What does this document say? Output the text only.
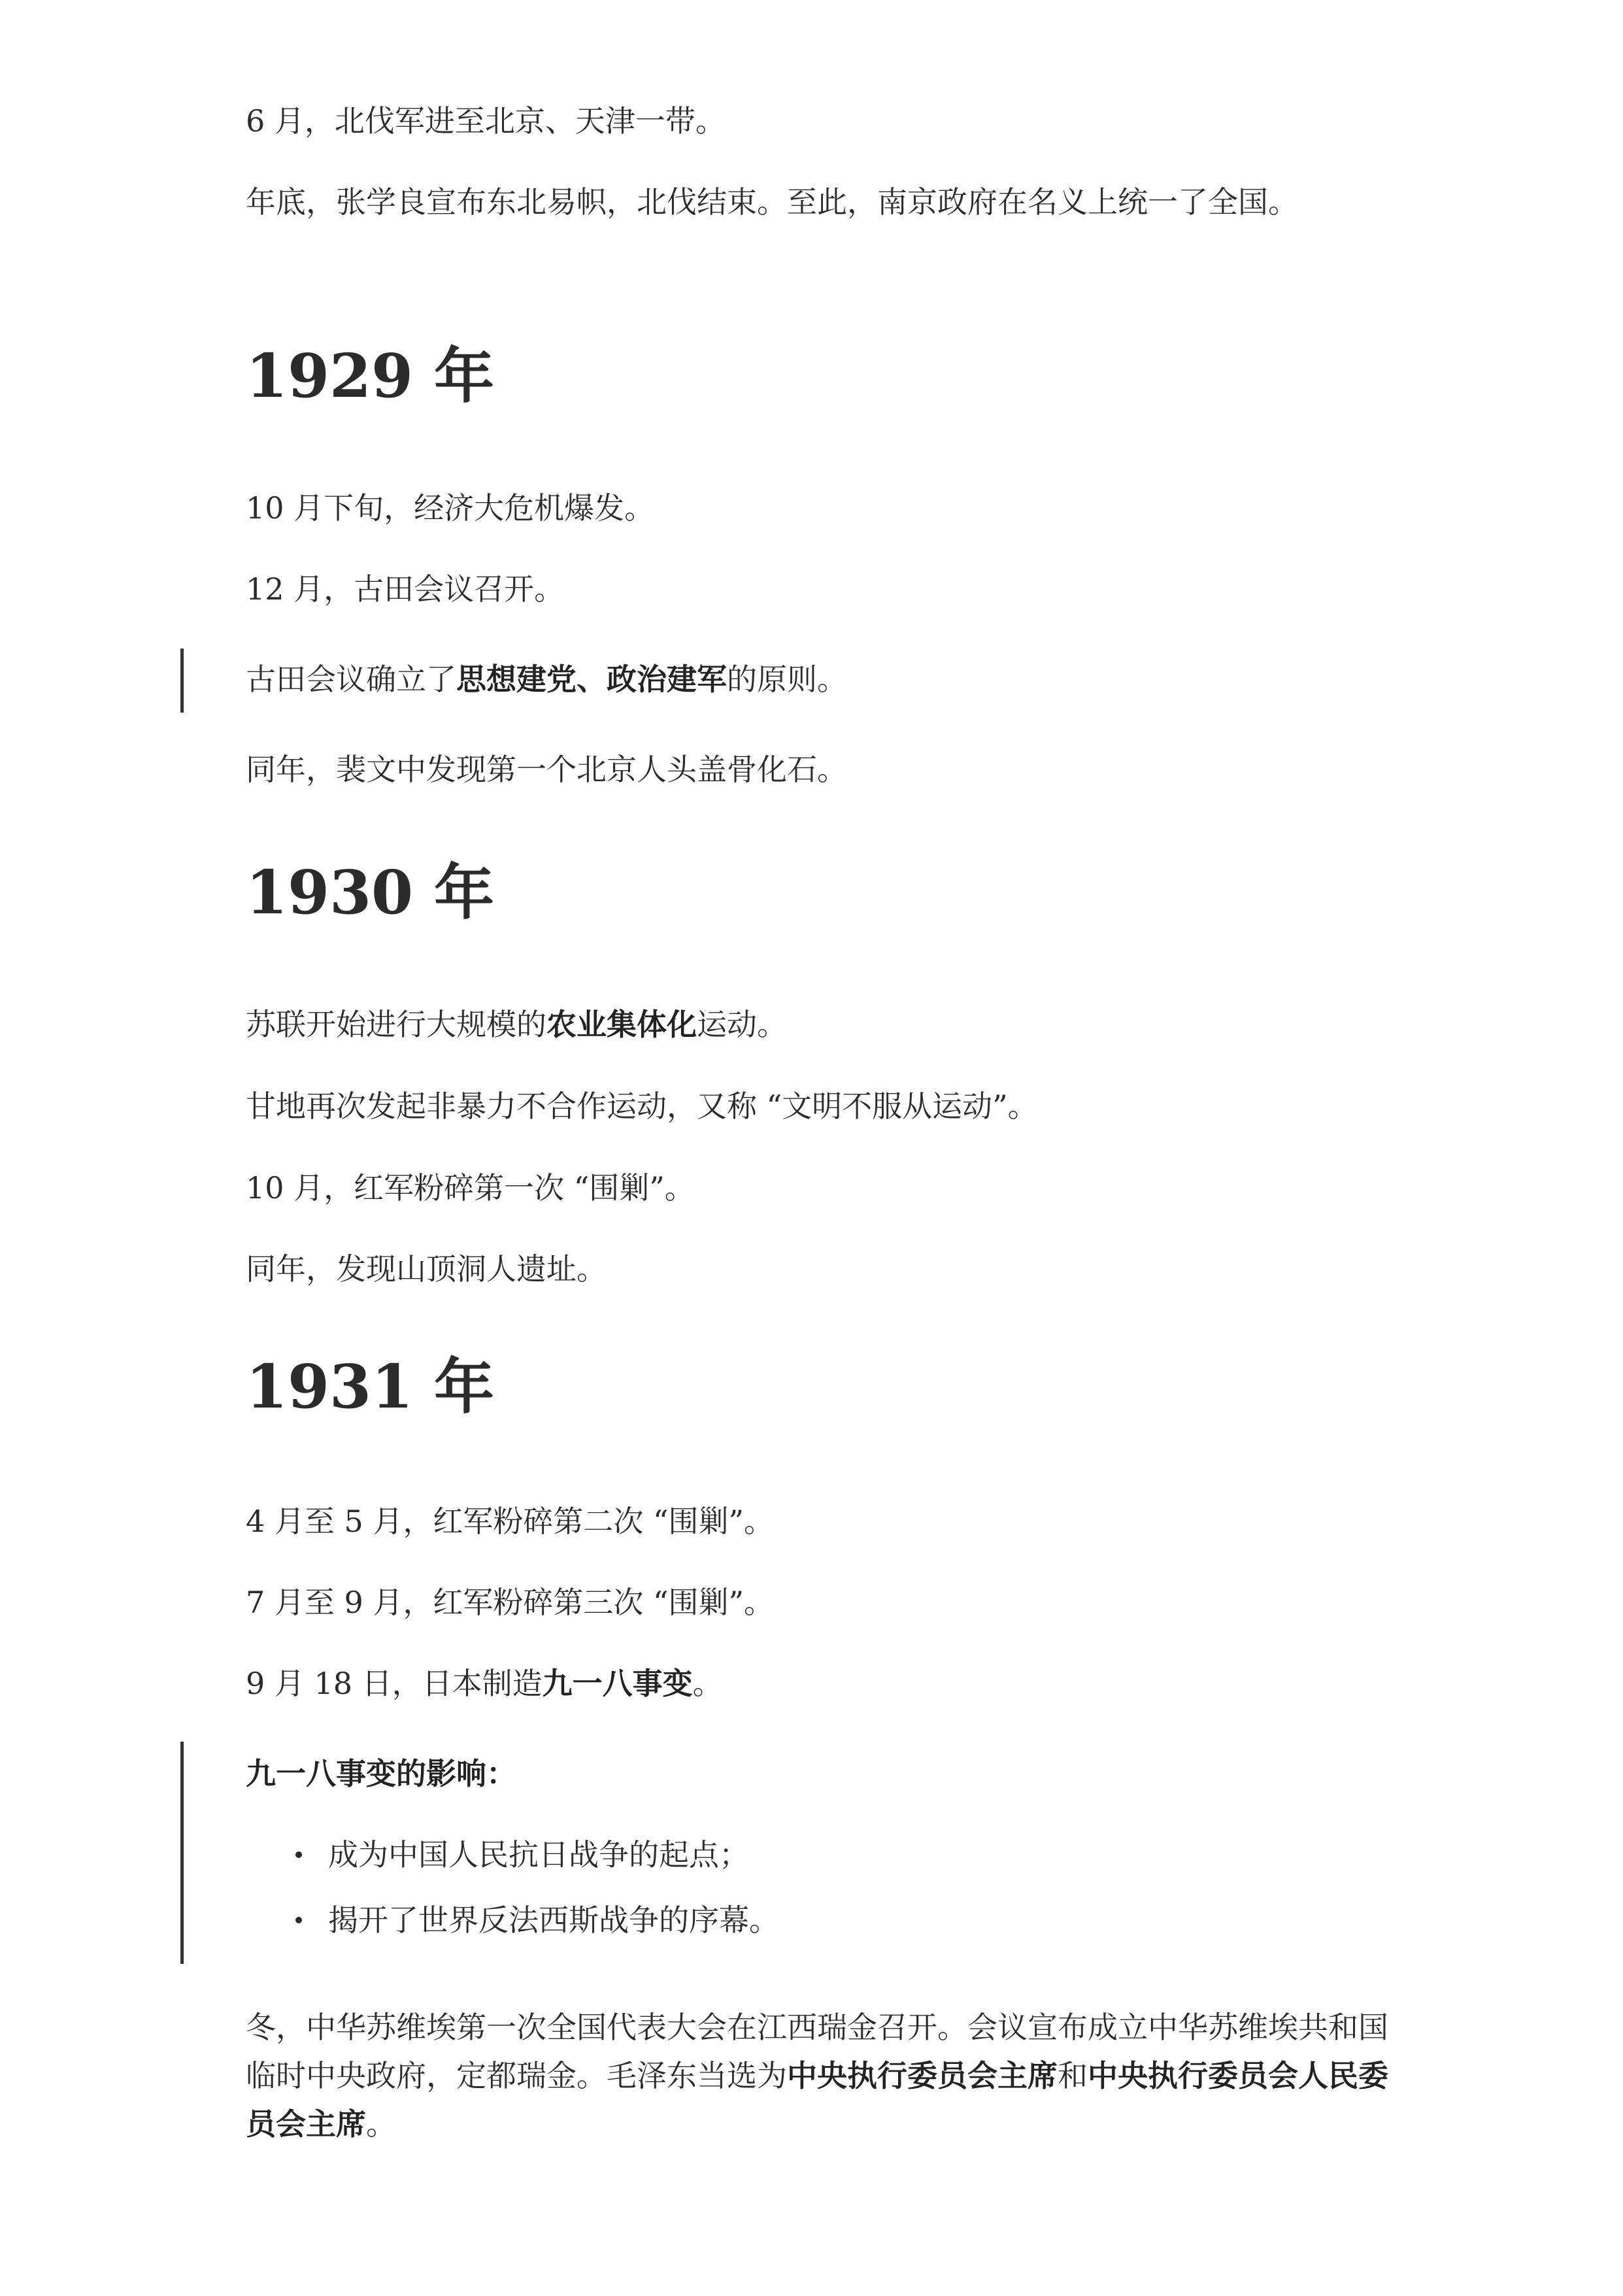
6 月，北伐军进至北京、天津一带。

年底，张学良宣布东北易帜，北伐结束。至此，南京政府在名义上统一了全国。

1929 年

10 月下旬，经济大危机爆发。

12 月，古田会议召开。

古田会议确立了思想建党、政治建军的原则。

同年，裴文中发现第一个北京人头盖骨化石。

1930 年

苏联开始进行大规模的农业集体化运动。

甘地再次发起非暴力不合作运动，又称 “文明不服从运动”。

10 月，红军粉碎第一次 “围剿”。

同年，发现山顶洞人遗址。

1931 年

4 月至 5 月，红军粉碎第二次 “围剿”。

7 月至 9 月，红军粉碎第三次 “围剿”。

9 月 18 日，日本制造九一八事变。

九一八事变的影响：

成为中国人民抗日战争的起点；
揭开了世界反法西斯战争的序幕。

冬，中华苏维埃第一次全国代表大会在江西瑞金召开。会议宣布成立中华苏维埃共和国临时中央政府，定都瑞金。毛泽东当选为中央执行委员会主席和中央执行委员会人民委员会主席。
